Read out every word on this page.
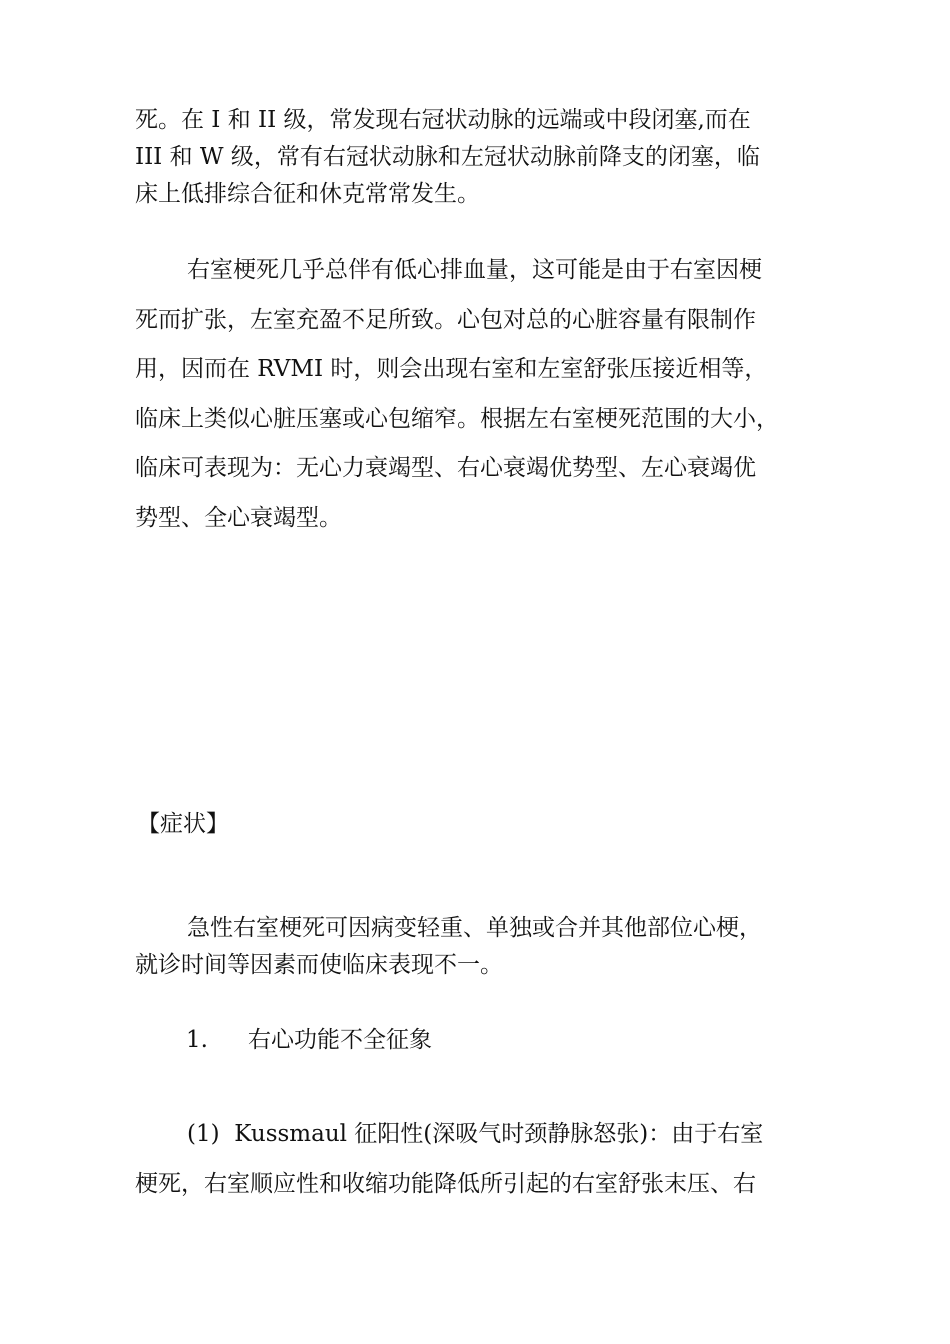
死。在 I 和 II 级，常发现右冠状动脉的远端或中段闭塞,而在
III 和 W 级，常有右冠状动脉和左冠状动脉前降支的闭塞，临
床上低排综合征和休克常常发生。

右室梗死几乎总伴有低心排血量，这可能是由于右室因梗
死而扩张，左室充盈不足所致。心包对总的心脏容量有限制作
用，因而在 RVMI 时，则会出现右室和左室舒张压接近相等，
临床上类似心脏压塞或心包缩窄。根据左右室梗死范围的大小，
临床可表现为：无心力衰竭型、右心衰竭优势型、左心衰竭优
势型、全心衰竭型。

【症状】

急性右室梗死可因病变轻重、单独或合并其他部位心梗，
就诊时间等因素而使临床表现不一。

1. 右心功能不全征象

(1)  Kussmaul 征阳性(深吸气时颈静脉怒张)：由于右室
梗死，右室顺应性和收缩功能降低所引起的右室舒张末压、右
